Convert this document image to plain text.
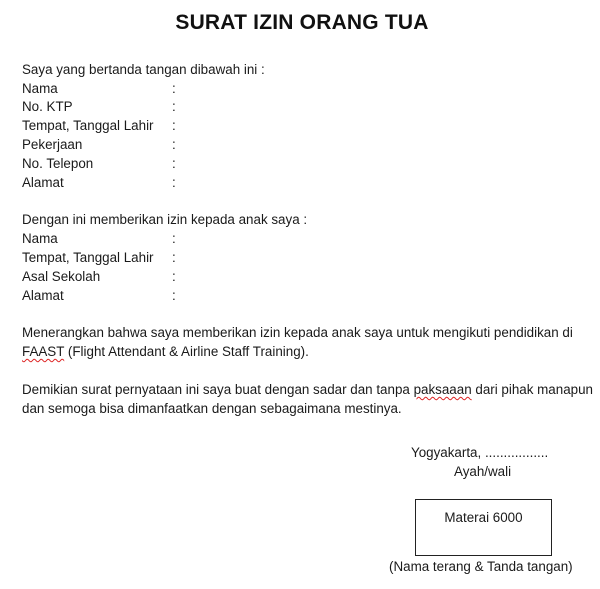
SURAT IZIN ORANG TUA
Saya yang bertanda tangan dibawah ini :
Nama	:
No. KTP	:
Tempat, Tanggal Lahir :
Pekerjaan	:
No. Telepon	:
Alamat	:
Dengan ini memberikan izin kepada anak saya :
Nama	:
Tempat, Tanggal Lahir :
Asal Sekolah	:
Alamat	:
Menerangkan bahwa saya memberikan izin kepada anak saya untuk mengikuti pendidikan di FAAST (Flight Attendant & Airline Staff Training).
Demikian surat pernyataan ini saya buat dengan sadar dan tanpa paksaaan dari pihak manapun dan semoga bisa dimanfaatkan dengan sebagaimana mestinya.
Yogyakarta, .................
Ayah/wali
Materai 6000
(Nama terang & Tanda tangan)
